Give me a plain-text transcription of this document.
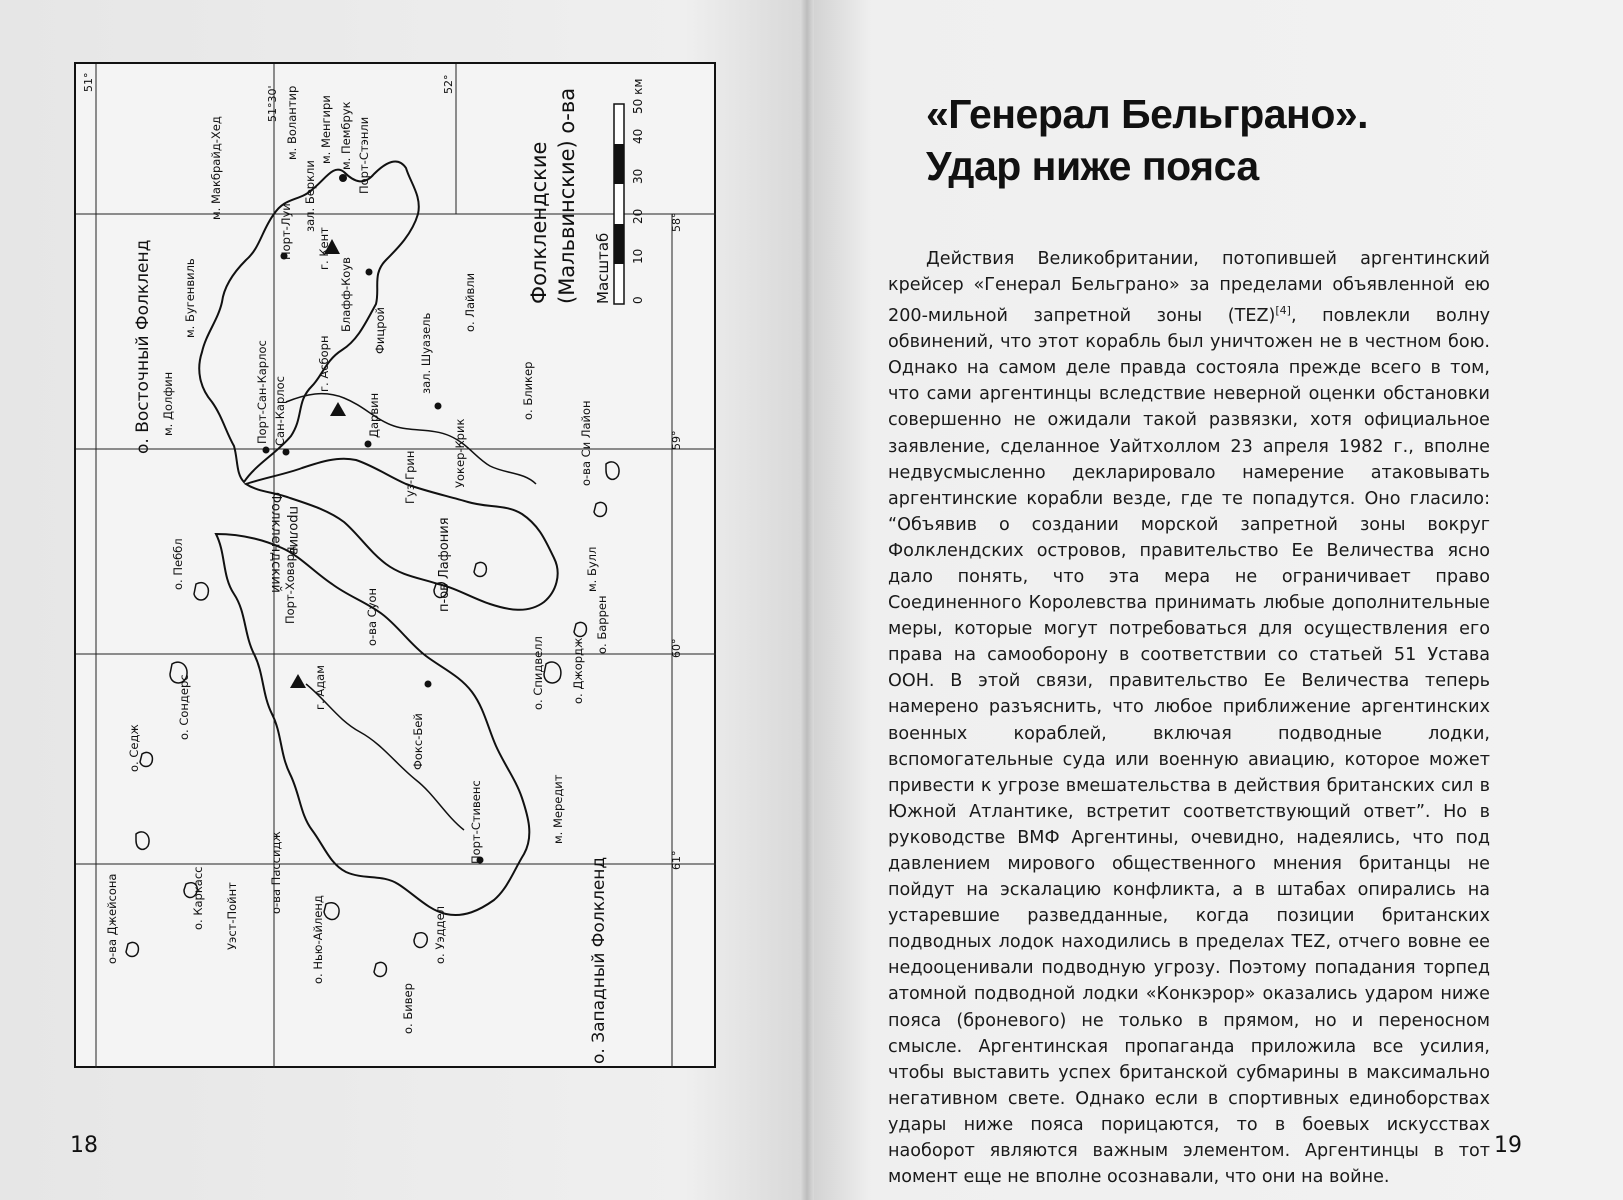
51°
51°30'
52°
58°
59°
60°
61°
Фолклендские (Мальвинские) о-ва Масштаб 0
10
20
30
40
50 км
о. Восточный Фолкленд
о. Западный Фолкленд
п-ов Лафония
Фолклендский пролив
м. Макбрайд-Хед	м. Волантир м. Менгири м. Пембрук Порт-Стэнли
зал. Беркли
Порт-Луи г. Кент
Блафф-Коув Фицрой
м. Бугенвиль
м. Долфин	Порт-Сан-Карлос Сан-Карлос
г. Асборн
Дарвин
Гуз-Грин
зал. Шуазель
о. Лайвли
Уокер-Крик
о. Бликер
о-ва Си Лайон
о. Пеббл	Порт-Ховард	о-ва Суон
м. Булл
о. Баррен
о. Джордж
о. Спидвелл
Фокс-Бей
г. Адам
о. Сондерс
о. Седж
м. Мередит
Порт-Стивенс
о. Каркасс	о-ва Пассидж
Уэст-Пойнт
о-ва Джейсона	о. Нью-Айленд
о. Бивер
о. Уэддел
18	19
«Генерал Бельграно». Удар ниже пояса

Действия Великобритании, потопившей аргентинский крейсер «Генерал Бельграно» за пределами объявленной ею 200-мильной запретной зоны (TEZ)[4], повлекли волну обвинений, что этот корабль был уничтожен не в честном бою. Однако на самом деле правда состояла прежде всего в том, что сами аргентинцы вследствие неверной оценки обстановки совершенно не ожидали такой развязки, хотя официальное заявление, сделанное Уайтхоллом 23 апреля 1982 г., вполне недвусмысленно декларировало намерение атаковывать аргентинские корабли везде, где те попадутся. Оно гласило: “Объявив о создании морской запретной зоны вокруг Фолклендских островов, правительство Ее Величества ясно дало понять, что эта мера не ограничивает право Соединенного Королевства принимать любые дополнительные меры, которые могут потребоваться для осуществления его права на самооборону в соответствии со статьей 51 Устава ООН. В этой связи, правительство Ее Величества теперь намерено разъяснить, что любое приближение аргентинских военных кораблей, включая подводные лодки, вспомогательные суда или военную авиацию, которое может привести к угрозе вмешательства в действия британских сил в Южной Атлантике, встретит соответствующий ответ”. Но в руководстве ВМФ Аргентины, очевидно, надеялись, что под давлением мирового общественного мнения британцы не пойдут на эскалацию конфликта, а в штабах опирались на устаревшие разведданные, когда позиции британских подводных лодок находились в пределах TEZ, отчего вовне ее недооценивали подводную угрозу. Поэтому попадания торпед атомной подводной лодки «Конкэрор» оказались ударом ниже пояса (броневого) не только в прямом, но и переносном смысле. Аргентинская пропаганда приложила все усилия, чтобы выставить успех британской субмарины в максимально негативном свете. Однако если в спортивных единоборствах удары ниже пояса порицаются, то в боевых искусствах наоборот являются важным элементом. Аргентинцы в тот момент еще не вполне осознавали, что они на войне.
